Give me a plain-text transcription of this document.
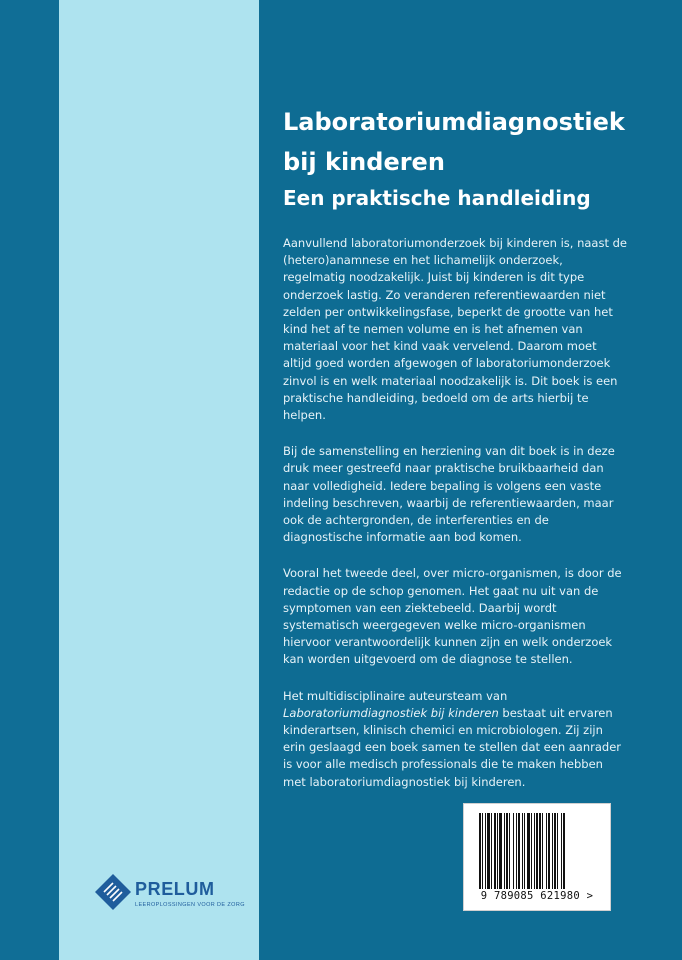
Laboratoriumdiagnostiek
bij kinderen
Een praktische handleiding

Aanvullend laboratoriumonderzoek bij kinderen is, naast de (hetero)anamnese en het lichamelijk onderzoek, regelmatig noodzakelijk. Juist bij kinderen is dit type onderzoek lastig. Zo veranderen referentiewaarden niet zelden per ontwikkelingsfase, beperkt de grootte van het kind het af te nemen volume en is het afnemen van materiaal voor het kind vaak vervelend. Daarom moet altijd goed worden afgewogen of laboratoriumonderzoek zinvol is en welk materiaal noodzakelijk is. Dit boek is een praktische handleiding, bedoeld om de arts hierbij te helpen.

Bij de samenstelling en herziening van dit boek is in deze druk meer gestreefd naar praktische bruikbaarheid dan naar volledigheid. Iedere bepaling is volgens een vaste indeling beschreven, waarbij de referentiewaarden, maar ook de achtergronden, de interferenties en de diagnostische informatie aan bod komen.

Vooral het tweede deel, over micro-organismen, is door de redactie op de schop genomen. Het gaat nu uit van de symptomen van een ziektebeeld. Daarbij wordt systematisch weergegeven welke micro-organismen hiervoor verantwoordelijk kunnen zijn en welk onderzoek kan worden uitgevoerd om de diagnose te stellen.

Het multidisciplinaire auteursteam van Laboratoriumdiagnostiek bij kinderen bestaat uit ervaren kinderartsen, klinisch chemici en microbiologen. Zij zijn erin geslaagd een boek samen te stellen dat een aanrader is voor alle medisch professionals die te maken hebben met laboratoriumdiagnostiek bij kinderen.

9 789085 621980 >
PRELUM
LEEROPLOSSINGEN VOOR DE ZORG
